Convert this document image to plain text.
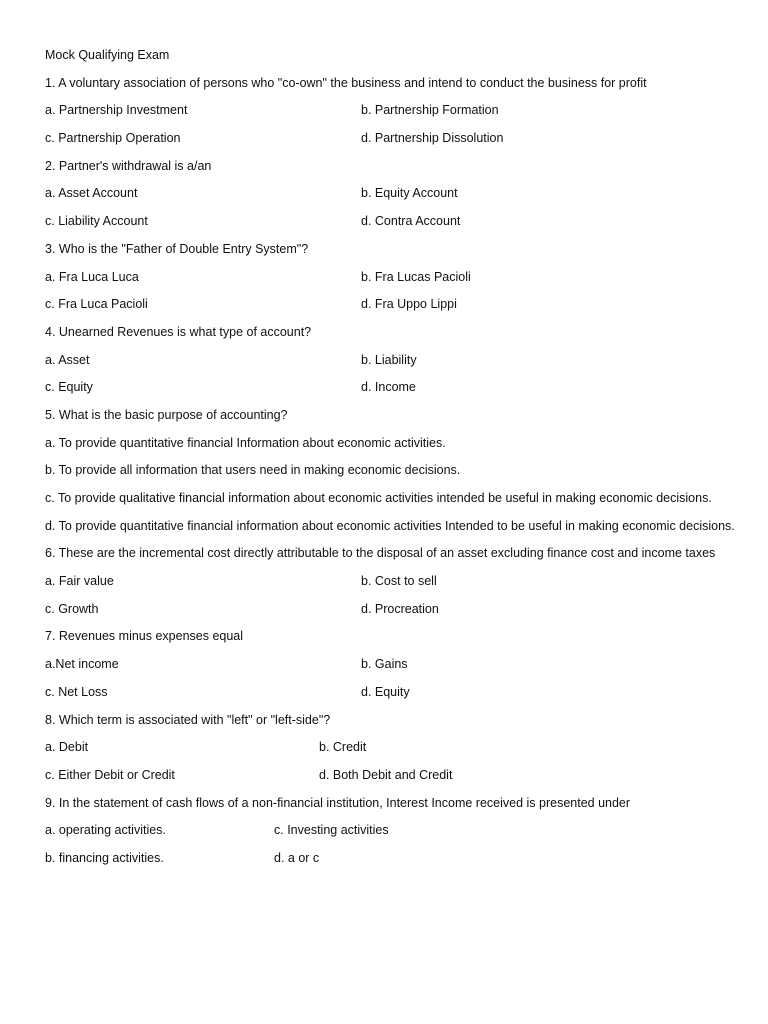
Mock Qualifying Exam
1. A voluntary association of persons who "co-own" the business and intend to conduct the business for profit
a. Partnership Investment	b. Partnership Formation
c. Partnership Operation	d. Partnership Dissolution
2. Partner's withdrawal is a/an
a. Asset Account	b. Equity Account
c. Liability Account	d. Contra Account
3. Who is the "Father of Double Entry System"?
a. Fra Luca Luca	b. Fra Lucas Pacioli
c. Fra Luca Pacioli	d. Fra Uppo Lippi
4. Unearned Revenues is what type of account?
a. Asset	b. Liability
c. Equity	d. Income
5. What is the basic purpose of accounting?
a. To provide quantitative financial Information about economic activities.
b. To provide all information that users need in making economic decisions.
c. To provide qualitative financial information about economic activities intended be useful in making economic decisions.
d. To provide quantitative financial information about economic activities Intended to be useful in making economic decisions.
6. These are the incremental cost directly attributable to the disposal of an asset excluding finance cost and income taxes
a. Fair value	b. Cost to sell
c. Growth	d. Procreation
7. Revenues minus expenses equal
a.Net income	b. Gains
c. Net Loss	d. Equity
8. Which term is associated with "left" or "left-side"?
a. Debit	b. Credit
c. Either Debit or Credit	d. Both Debit and Credit
9. In the statement of cash flows of a non-financial institution, Interest Income received is presented under
a. operating activities.	c. Investing activities
b. financing activities.	d. a or c
